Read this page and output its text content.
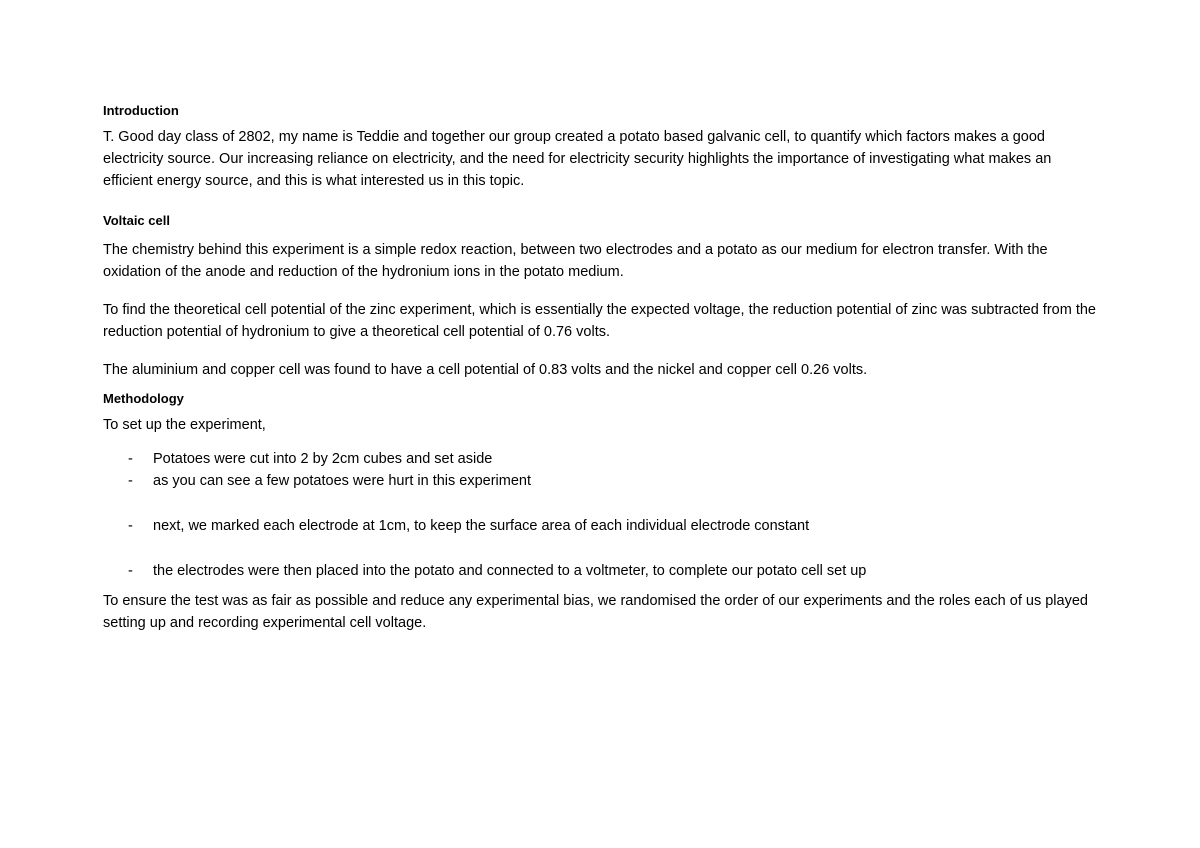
Introduction

T. Good day class of 2802, my name is Teddie and together our group created a potato based galvanic cell, to quantify which factors makes a good electricity source. Our increasing reliance on electricity, and the need for electricity security highlights the importance of investigating what makes an efficient energy source, and this is what interested us in this topic.

Voltaic cell

The chemistry behind this experiment is a simple redox reaction, between two electrodes and a potato as our medium for electron transfer. With the oxidation of the anode and reduction of the hydronium ions in the potato medium.

To find the theoretical cell potential of the zinc experiment, which is essentially the expected voltage, the reduction potential of zinc was subtracted from the reduction potential of hydronium to give a theoretical cell potential of 0.76 volts.

The aluminium and copper cell was found to have a cell potential of 0.83 volts and the nickel and copper cell 0.26 volts.

Methodology

To set up the experiment,

- Potatoes were cut into 2 by 2cm cubes and set aside
- as you can see a few potatoes were hurt in this experiment
- next, we marked each electrode at 1cm, to keep the surface area of each individual electrode constant
- the electrodes were then placed into the potato and connected to a voltmeter, to complete our potato cell set up

To ensure the test was as fair as possible and reduce any experimental bias, we randomised the order of our experiments and the roles each of us played setting up and recording experimental cell voltage.
